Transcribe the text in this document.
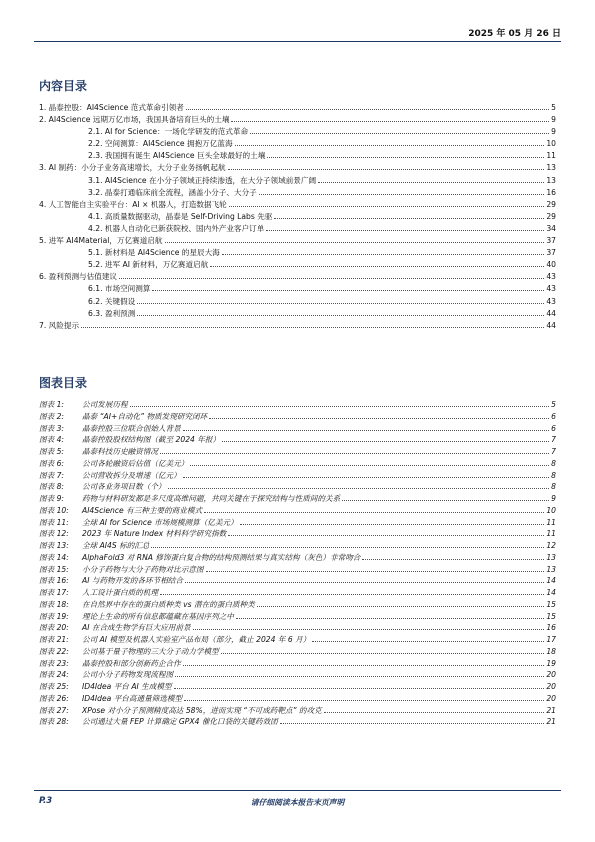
2025 年 05 月 26 日
内容目录
1. 晶泰控股：AI4Science 范式革命引领者	5
2. AI4Science 远期万亿市场，我国具备培育巨头的土壤	9
2.1. AI for Science：一场化学研发的范式革命	9
2.2. 空间测算：AI4Science 拥抱万亿蓝海	10
2.3. 我国拥有诞生 AI4Science 巨头全球最好的土壤	11
3. AI 制药：小分子业务高速增长，大分子业务扬帆起航	13
3.1. AI4Science 在小分子领域正持续渗透，在大分子领域前景广阔	13
3.2. 晶泰打通临床前全流程，涵盖小分子、大分子	16
4. 人工智能自主实验平台：AI × 机器人，打造数据飞轮	29
4.1. 高质量数据驱动，晶泰是 Self-Driving Labs 先驱	29
4.2. 机器人自动化已新获院校、国内外产业客户订单	34
5. 进军 AI4Material，万亿赛道启航	37
5.1. 新材料是 AI4Science 的星辰大海	37
5.2. 进军 AI 新材料，万亿赛道启航	40
6. 盈利预测与估值建议	43
6.1. 市场空间测算	43
6.2. 关键假设	43
6.3. 盈利预测	44
7. 风险提示	44
图表目录
图表 1: 公司发展历程	5
图表 2: 晶泰 “AI+自动化” 物质发现研究闭环	6
图表 3: 晶泰控股三位联合创始人背景	6
图表 4: 晶泰控股股权结构图（截至 2024 年报）	7
图表 5: 晶泰科技历史融资情况	7
图表 6: 公司各轮融资后估值（亿美元）	8
图表 7: 公司营收拆分及增速（亿元）	8
图表 8: 公司各业务项目数（个）	8
图表 9: 药物与材料研发都是多尺度高维问题，共同关键在于探究结构与性质间的关系	9
图表 10: AI4Science 有三种主要的商业模式	10
图表 11: 全球 AI for Science 市场规模测算（亿美元）	11
图表 12: 2023 年 Nature Index 材料科学研究指数	11
图表 13: 全球 AI4S 标的汇总	12
图表 14: AlphaFold3 对 RNA 修饰蛋白复合物的结构预测结果与真实结构（灰色）非常吻合	13
图表 15: 小分子药物与大分子药物对比示意图	13
图表 16: AI 与药物开发的各环节相结合	14
图表 17: 人工设计蛋白质的机理	14
图表 18: 在自然界中存在的蛋白质种类 vs 潜在的蛋白质种类	15
图表 19: 理论上生命的所有信息都蕴藏在基因序列之中	15
图表 20: AI 在合成生物学有巨大应用前景	16
图表 21: 公司 AI 模型及机器人实验室产品布局（部分，截止 2024 年 6 月）	17
图表 22: 公司基于量子物理的三大分子动力学模型	18
图表 23: 晶泰控股和部分创新药企合作	19
图表 24: 公司小分子药物发现流程图	20
图表 25: ID4Idea 平台 AI 生成模型	20
图表 26: ID4Idea 平台高通量筛选模型	20
图表 27: XPose 对小分子预测精度高达 58%，进而实现 “不可成药靶点” 的攻克	21
图表 28: 公司通过大量 FEP 计算确定 GPX4 催化口袋的关键药效团	21
P.3	请仔细阅读本报告末页声明
